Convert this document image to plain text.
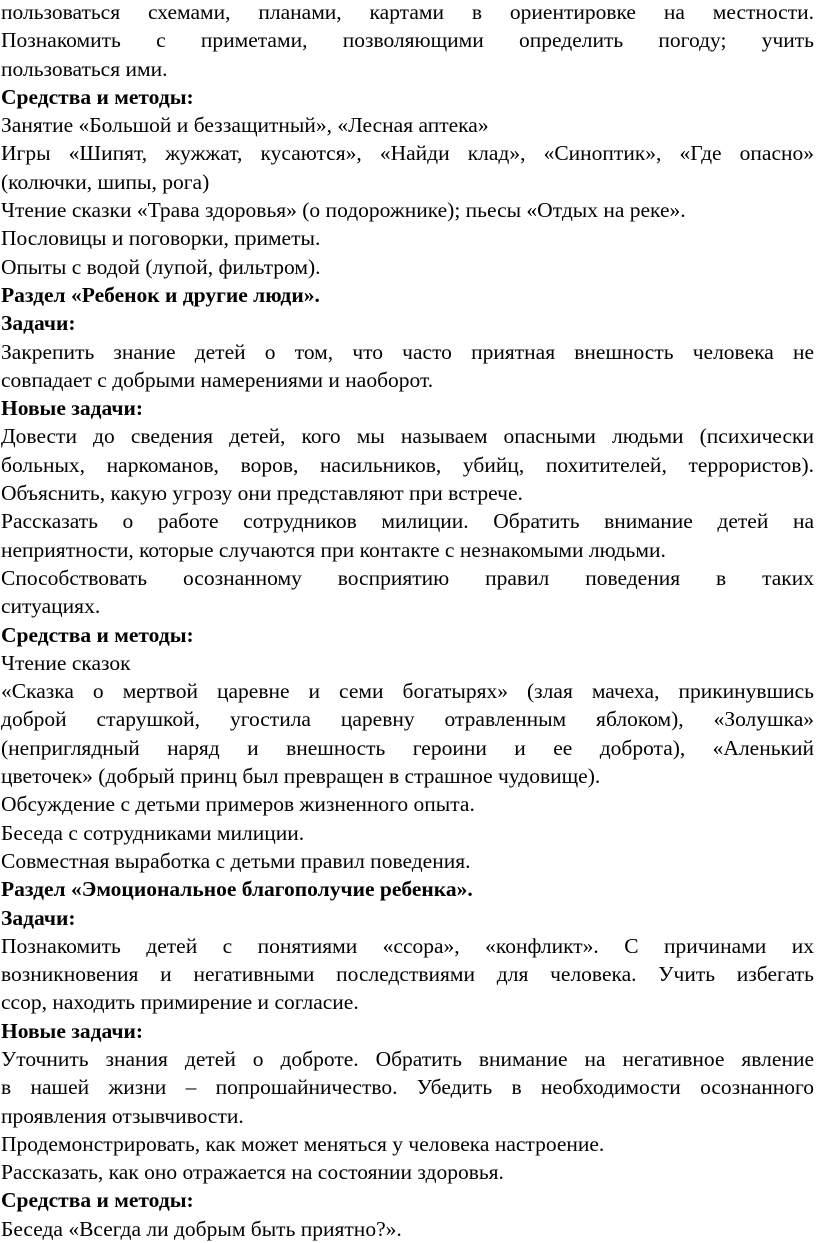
пользоваться схемами, планами, картами в ориентировке на местности.
Познакомить с приметами, позволяющими определить погоду; учить
пользоваться ими.
Средства и методы:
Занятие «Большой и беззащитный», «Лесная аптека»
Игры «Шипят, жужжат, кусаются», «Найди клад», «Синоптик», «Где опасно»
(колючки, шипы, рога)
Чтение сказки «Трава здоровья» (о подорожнике); пьесы «Отдых на реке».
Пословицы и поговорки, приметы.
Опыты с водой (лупой, фильтром).
Раздел «Ребенок и другие люди».
Задачи:
Закрепить знание детей о том, что часто приятная внешность человека не
совпадает с добрыми намерениями и наоборот.
Новые задачи:
Довести до сведения детей, кого мы называем опасными людьми (психически
больных, наркоманов, воров, насильников, убийц, похитителей, террористов).
Объяснить, какую угрозу они представляют при встрече.
Рассказать о работе сотрудников милиции. Обратить внимание детей на
неприятности, которые случаются при контакте с незнакомыми людьми.
Способствовать осознанному восприятию правил поведения в таких
ситуациях.
Средства и методы:
Чтение сказок
«Сказка о мертвой царевне и семи богатырях» (злая мачеха, прикинувшись
доброй старушкой, угостила царевну отравленным яблоком), «Золушка»
(неприглядный наряд и внешность героини и ее доброта), «Аленький
цветочек» (добрый принц был превращен в страшное чудовище).
Обсуждение с детьми примеров жизненного опыта.
Беседа с сотрудниками милиции.
Совместная выработка с детьми правил поведения.
Раздел «Эмоциональное благополучие ребенка».
Задачи:
Познакомить детей с понятиями «ссора», «конфликт». С причинами их
возникновения и негативными последствиями для человека. Учить избегать
ссор, находить примирение и согласие.
Новые задачи:
Уточнить знания детей о доброте. Обратить внимание на негативное явление
в нашей жизни – попрошайничество. Убедить в необходимости осознанного
проявления отзывчивости.
Продемонстрировать, как может меняться у человека настроение.
Рассказать, как оно отражается на состоянии здоровья.
Средства и методы:
Беседа «Всегда ли добрым быть приятно?».
